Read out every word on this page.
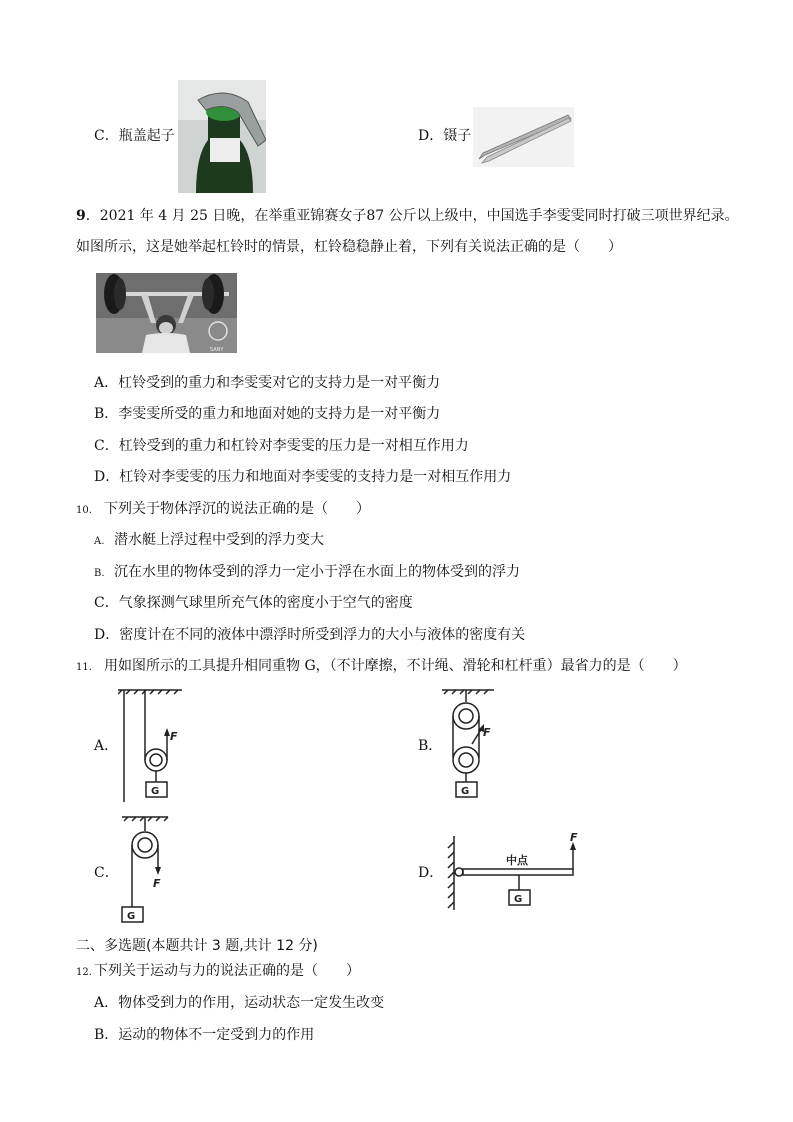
C．瓶盖起子	D．镊子
9．2021 年 4 月 25 日晚，在举重亚锦赛女子87 公斤以上级中，中国选手李雯雯同时打破三项世界纪录。
如图所示，这是她举起杠铃时的情景，杠铃稳稳静止着，下列有关说法正确的是（　　）
SANY
A．杠铃受到的重力和李雯雯对它的支持力是一对平衡力
B．李雯雯所受的重力和地面对她的支持力是一对平衡力
C．杠铃受到的重力和杠铃对李雯雯的压力是一对相互作用力
D．杠铃对李雯雯的压力和地面对李雯雯的支持力是一对相互作用力
10. 下列关于物体浮沉的说法正确的是（　　）
A. 潜水艇上浮过程中受到的浮力变大
B. 沉在水里的物体受到的浮力一定小于浮在水面上的物体受到的浮力
C．气象探测气球里所充气体的密度小于空气的密度
D．密度计在不同的液体中漂浮时所受到浮力的大小与液体的密度有关
11. 用如图所示的工具提升相同重物 G，（不计摩擦，不计绳、滑轮和杠杆重）最省力的是（　　）
A．
F
G
B．
F
G
C．
F
G
D．
F
中点
G
二、多选题(本题共计 3 题,共计 12 分)
12. 下列关于运动与力的说法正确的是（　　）
A．物体受到力的作用，运动状态一定发生改变
B．运动的物体不一定受到力的作用
